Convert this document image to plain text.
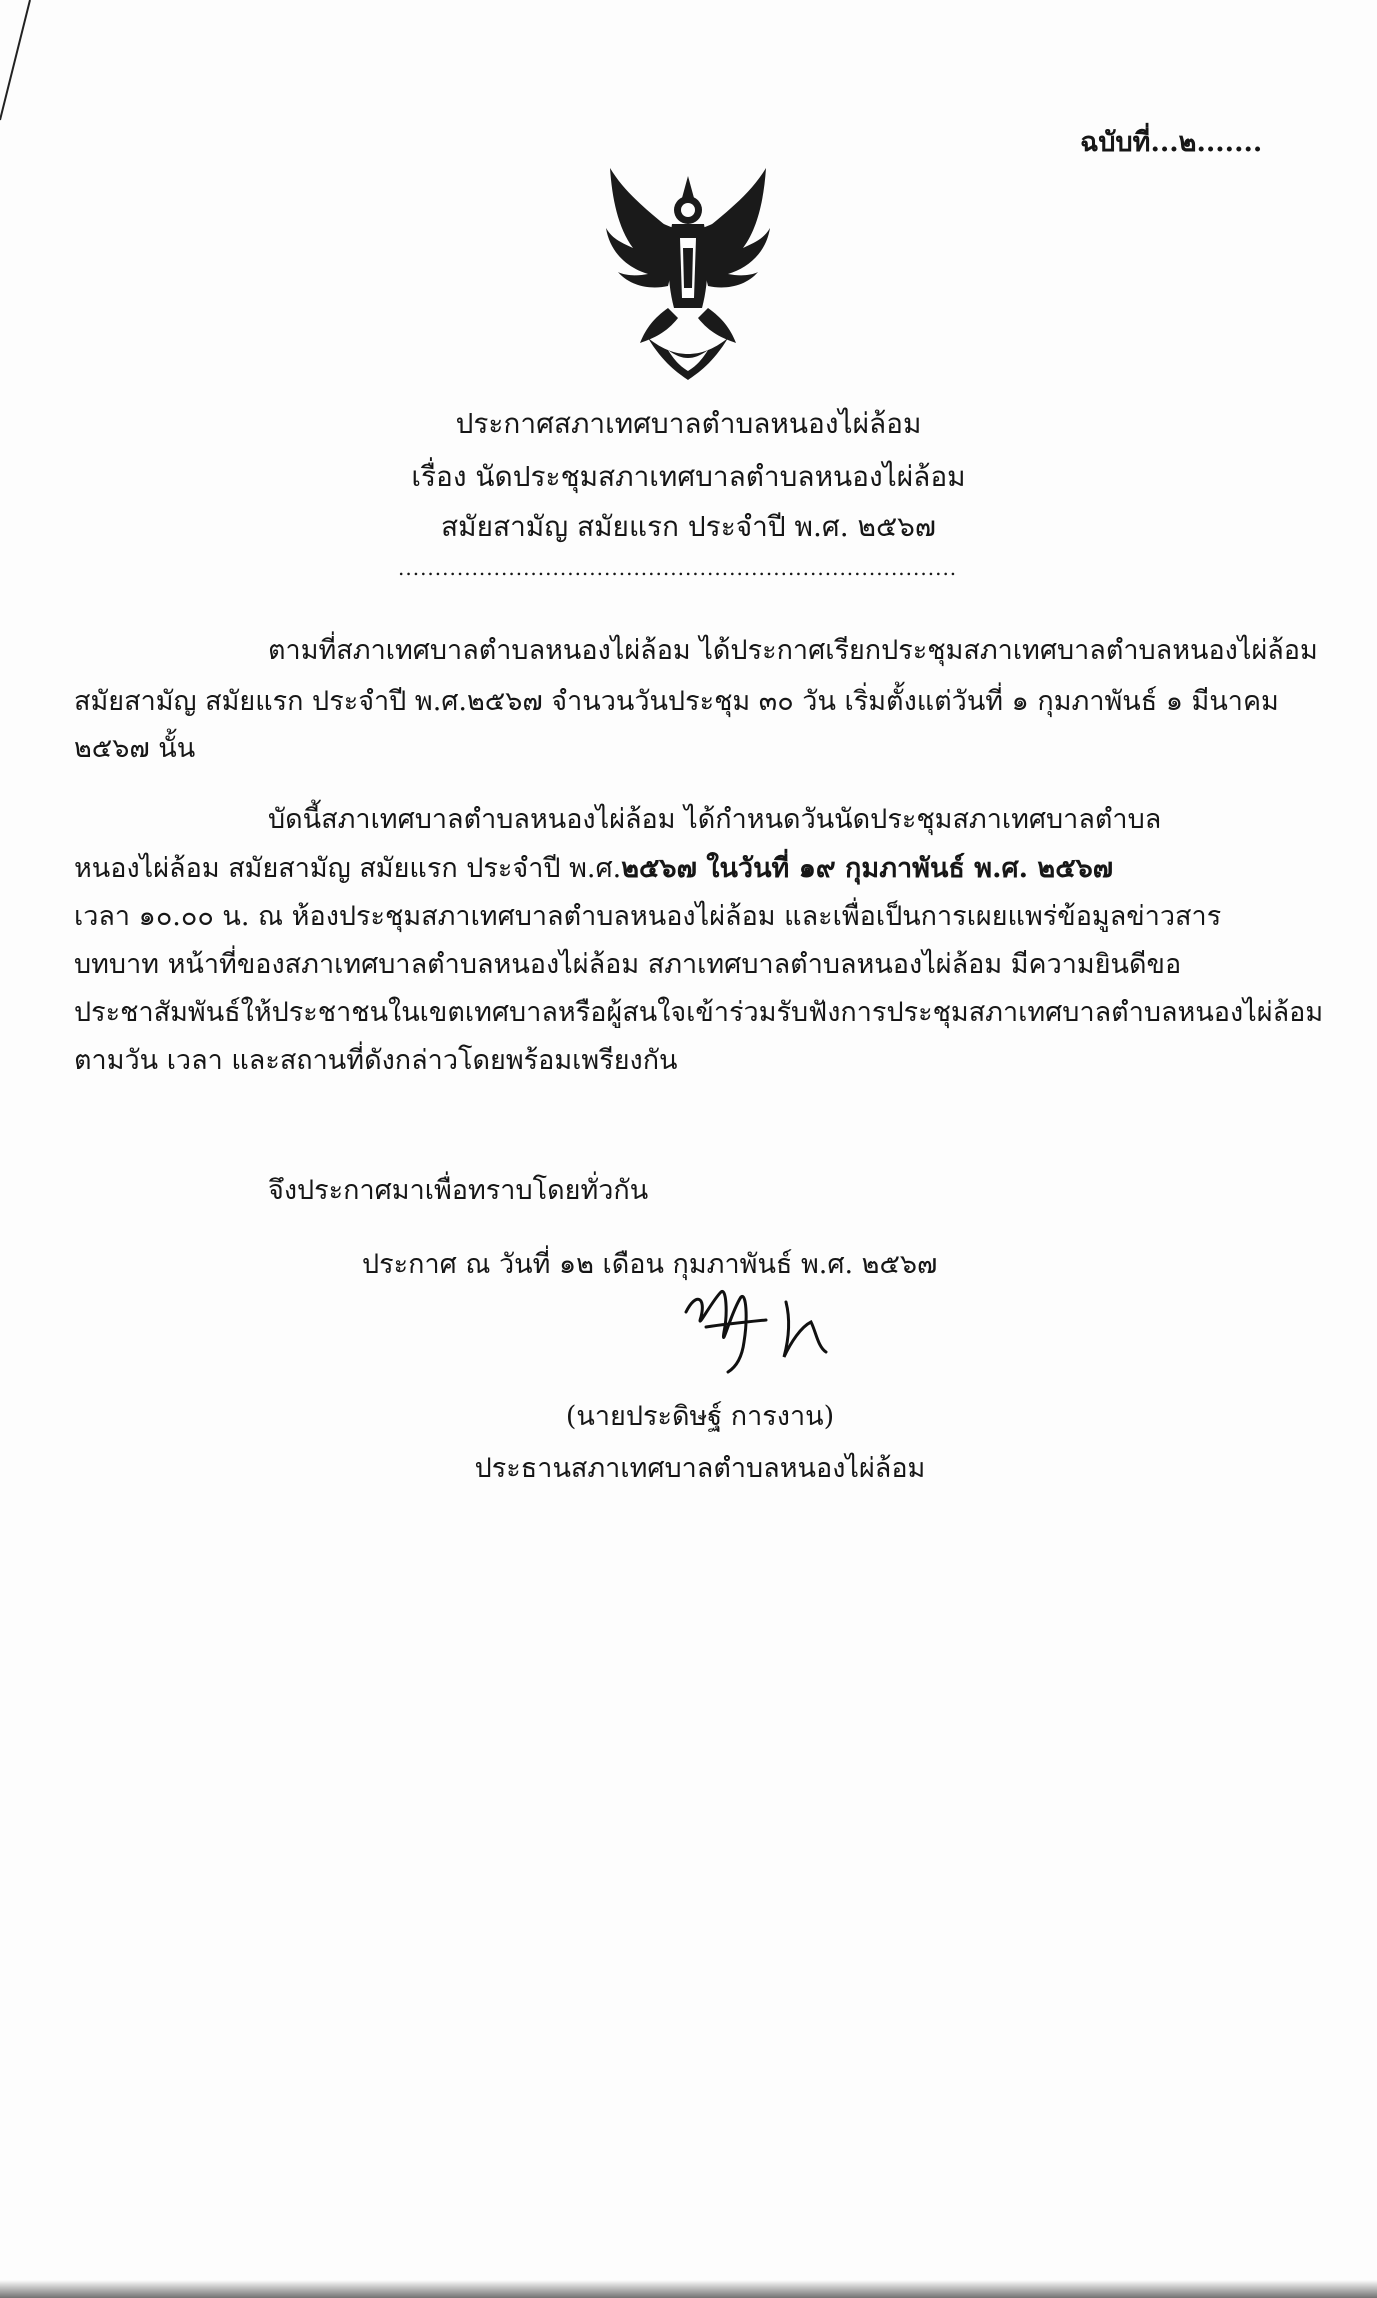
ฉบับที่...๒.......
ประกาศสภาเทศบาลตำบลหนองไผ่ล้อม
เรื่อง นัดประชุมสภาเทศบาลตำบลหนองไผ่ล้อม
สมัยสามัญ สมัยแรก ประจำปี พ.ศ. ๒๕๖๗
............................................................................
ตามที่สภาเทศบาลตำบลหนองไผ่ล้อม ได้ประกาศเรียกประชุมสภาเทศบาลตำบลหนองไผ่ล้อม
สมัยสามัญ สมัยแรก ประจำปี พ.ศ.๒๕๖๗ จำนวนวันประชุม ๓๐ วัน เริ่มตั้งแต่วันที่ ๑ กุมภาพันธ์ ๑ มีนาคม
๒๕๖๗ นั้น
บัดนี้สภาเทศบาลตำบลหนองไผ่ล้อม ได้กำหนดวันนัดประชุมสภาเทศบาลตำบล
หนองไผ่ล้อม สมัยสามัญ สมัยแรก ประจำปี พ.ศ.๒๕๖๗ ในวันที่ ๑๙ กุมภาพันธ์ พ.ศ. ๒๕๖๗
เวลา ๑๐.๐๐ น. ณ ห้องประชุมสภาเทศบาลตำบลหนองไผ่ล้อม และเพื่อเป็นการเผยแพร่ข้อมูลข่าวสาร
บทบาท หน้าที่ของสภาเทศบาลตำบลหนองไผ่ล้อม สภาเทศบาลตำบลหนองไผ่ล้อม มีความยินดีขอ
ประชาสัมพันธ์ให้ประชาชนในเขตเทศบาลหรือผู้สนใจเข้าร่วมรับฟังการประชุมสภาเทศบาลตำบลหนองไผ่ล้อม
ตามวัน เวลา และสถานที่ดังกล่าวโดยพร้อมเพรียงกัน
จึงประกาศมาเพื่อทราบโดยทั่วกัน
ประกาศ ณ วันที่ ๑๒ เดือน กุมภาพันธ์ พ.ศ. ๒๕๖๗
(นายประดิษฐ์ การงาน)
ประธานสภาเทศบาลตำบลหนองไผ่ล้อม
